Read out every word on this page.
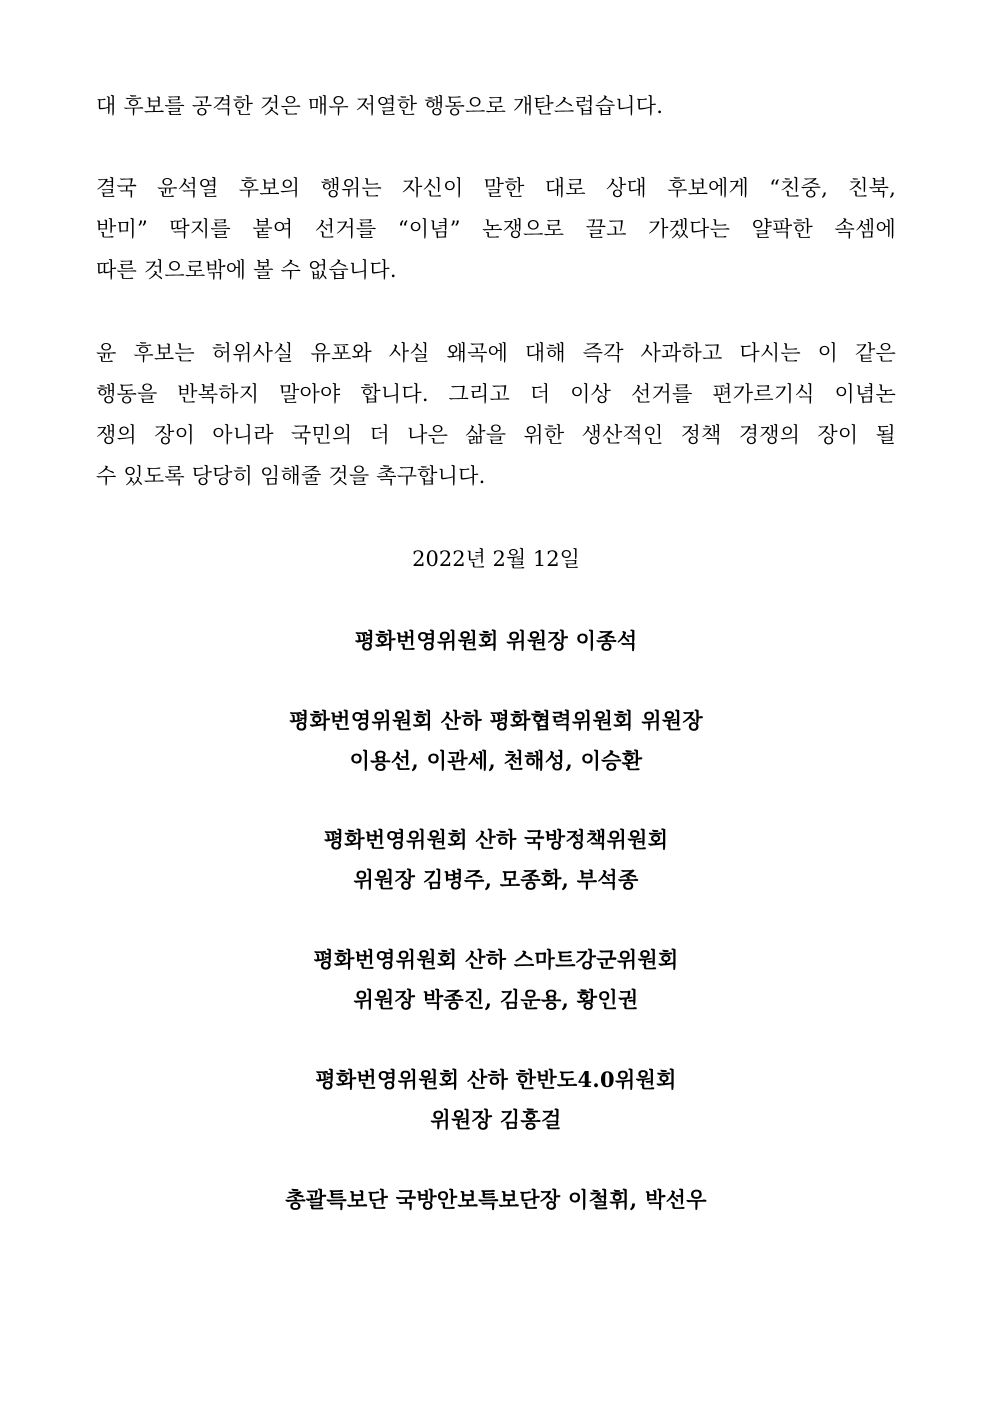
대 후보를 공격한 것은 매우 저열한 행동으로 개탄스럽습니다.
결국 윤석열 후보의 행위는 자신이 말한 대로 상대 후보에게 “친중, 친북,
반미” 딱지를 붙여 선거를 “이념” 논쟁으로 끌고 가겠다는 얄팍한 속셈에
따른 것으로밖에 볼 수 없습니다.
윤 후보는 허위사실 유포와 사실 왜곡에 대해 즉각 사과하고 다시는 이 같은
행동을 반복하지 말아야 합니다. 그리고 더 이상 선거를 편가르기식 이념논
쟁의 장이 아니라 국민의 더 나은 삶을 위한 생산적인 정책 경쟁의 장이 될
수 있도록 당당히 임해줄 것을 촉구합니다.
2022년 2월 12일
평화번영위원회 위원장 이종석
평화번영위원회 산하 평화협력위원회 위원장
이용선, 이관세, 천해성, 이승환
평화번영위원회 산하 국방정책위원회
위원장 김병주, 모종화, 부석종
평화번영위원회 산하 스마트강군위원회
위원장 박종진, 김운용, 황인권
평화번영위원회 산하 한반도4.0위원회
위원장 김홍걸
총괄특보단 국방안보특보단장 이철휘, 박선우
